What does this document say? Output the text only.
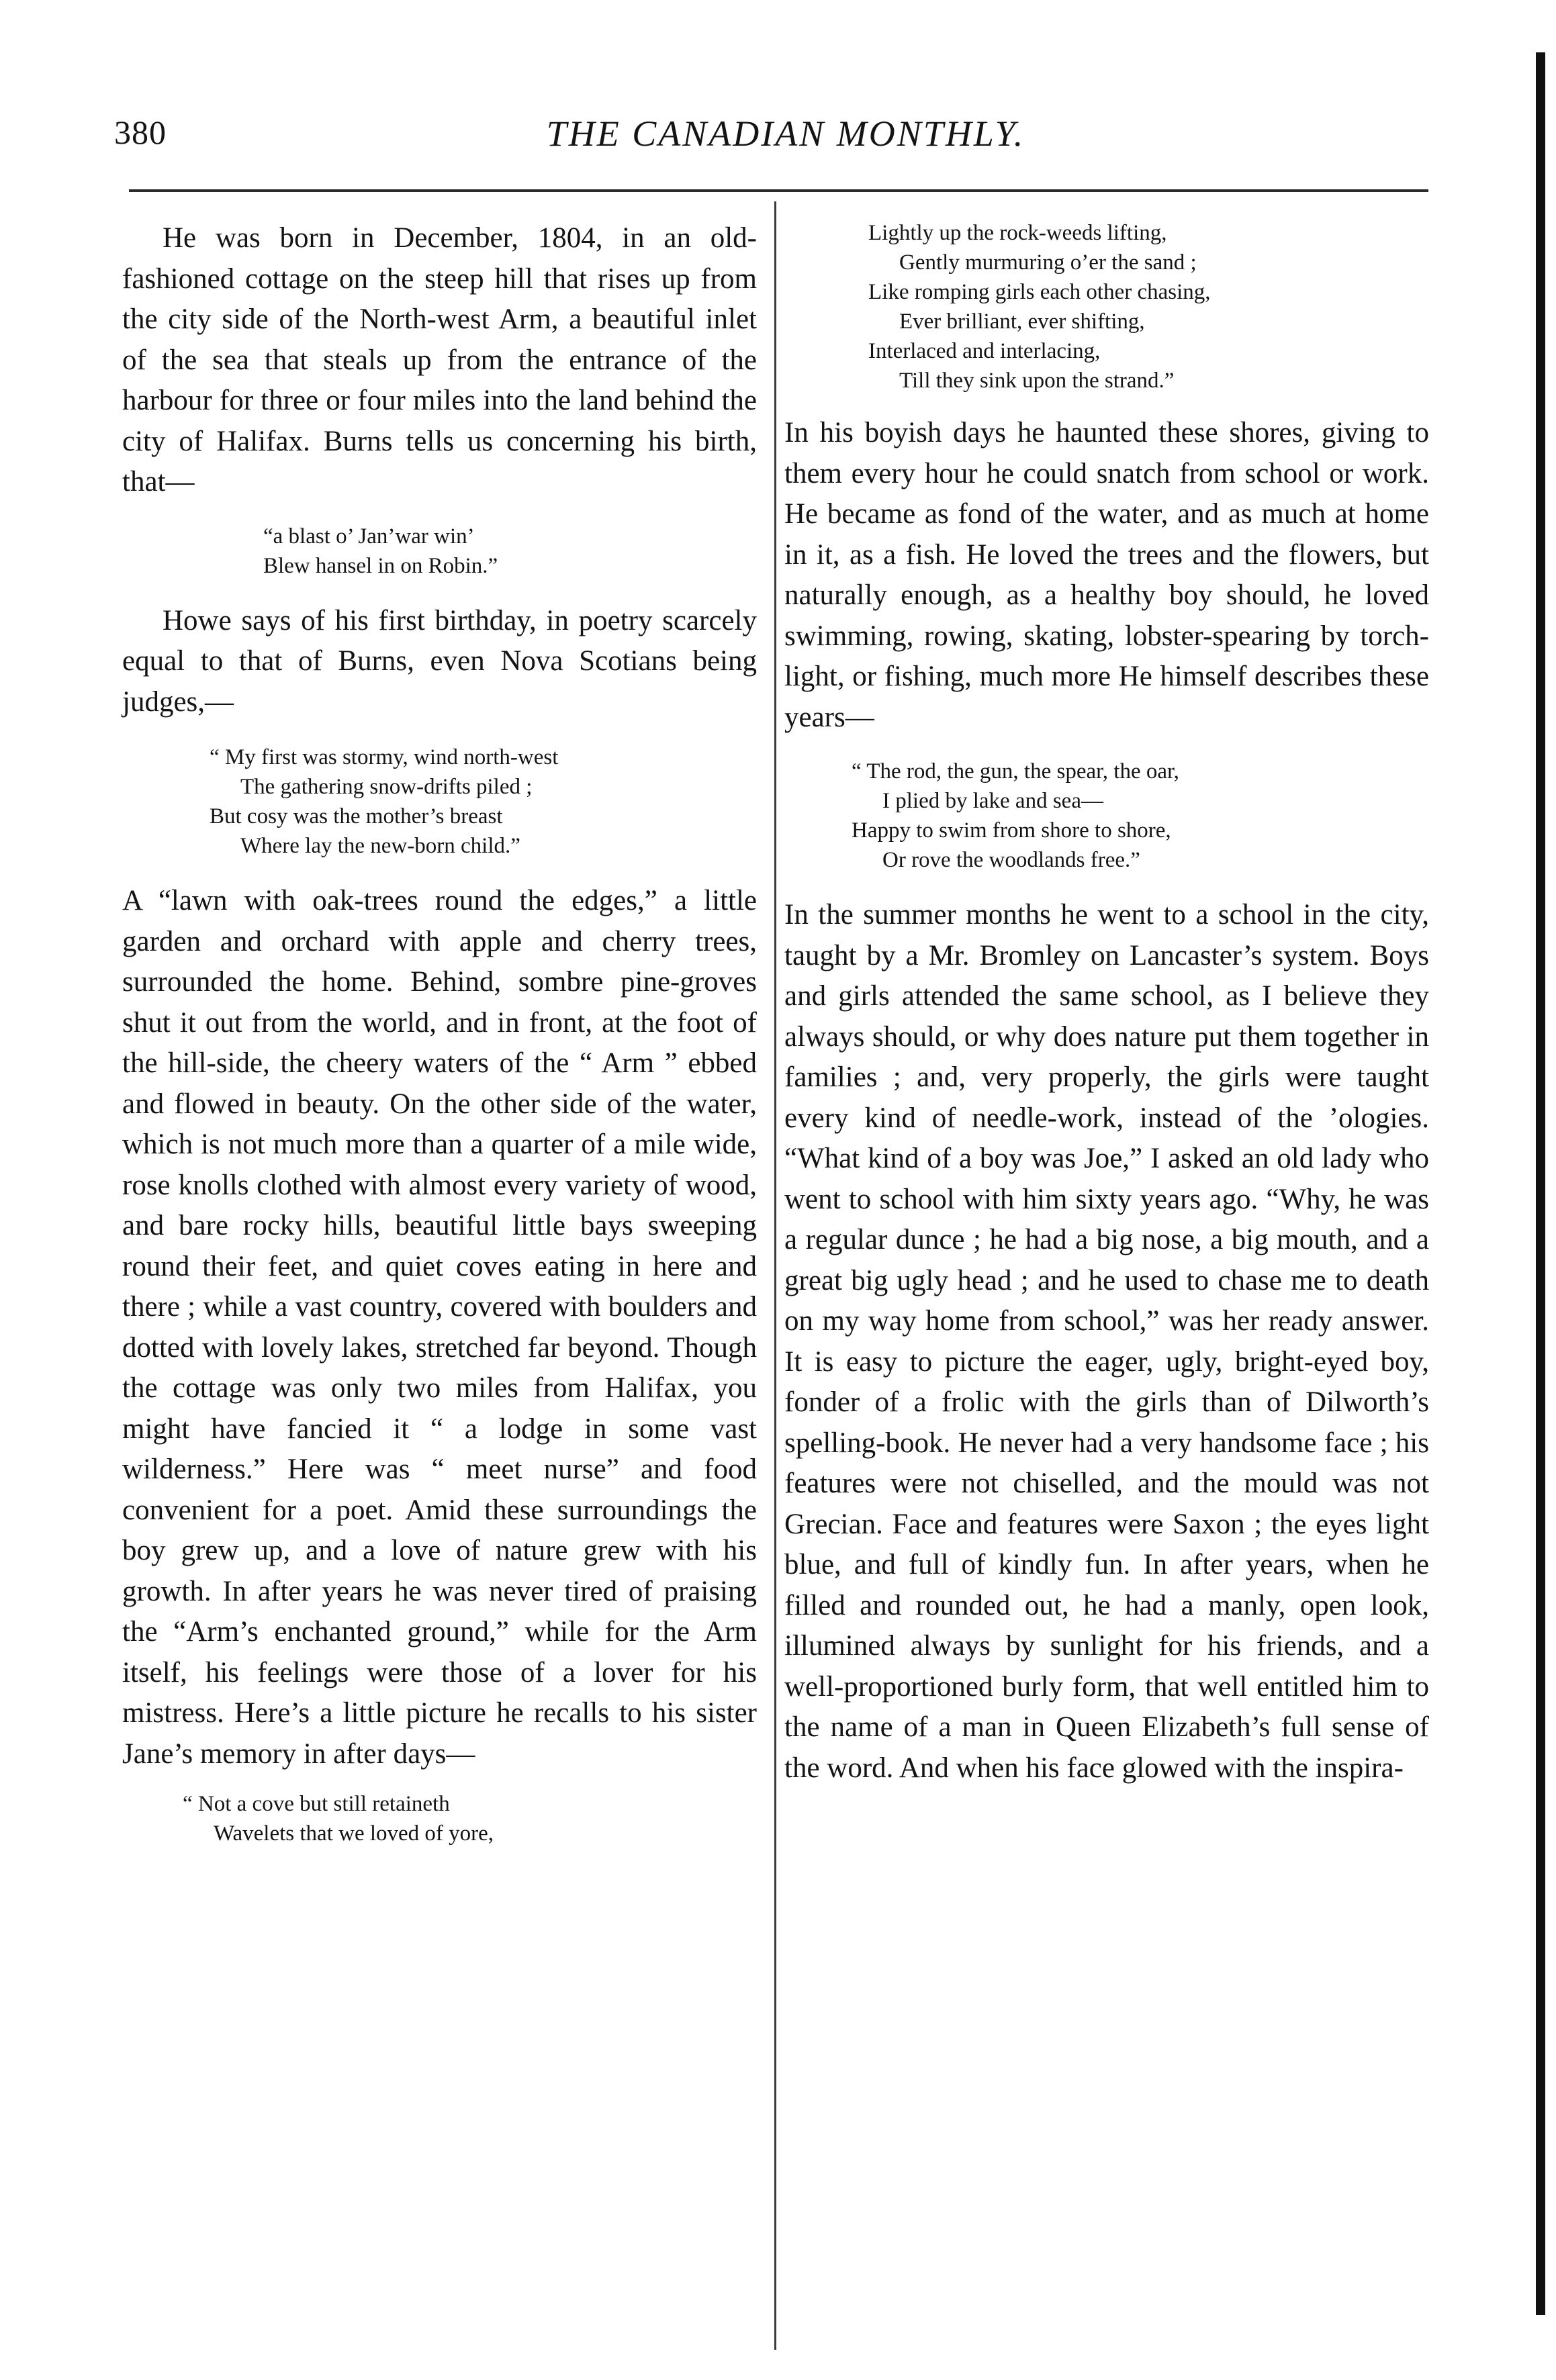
380	THE CANADIAN MONTHLY.

He was born in December, 1804, in an old-fashioned cottage on the steep hill that rises up from the city side of the North-west Arm, a beautiful inlet of the sea that steals up from the entrance of the harbour for three or four miles into the land behind the city of Halifax. Burns tells us concerning his birth, that—

“a blast o’ Jan’war win’
Blew hansel in on Robin.”

Howe says of his first birthday, in poetry scarcely equal to that of Burns, even Nova Scotians being judges,—

“ My first was stormy, wind north-west
The gathering snow-drifts piled ;
But cosy was the mother’s breast
Where lay the new-born child.”

A “lawn with oak-trees round the edges,” a little garden and orchard with apple and cherry trees, surrounded the home. Behind, sombre pine-groves shut it out from the world, and in front, at the foot of the hill-side, the cheery waters of the “ Arm ” ebbed and flowed in beauty. On the other side of the water, which is not much more than a quarter of a mile wide, rose knolls clothed with almost every variety of wood, and bare rocky hills, beautiful little bays sweeping round their feet, and quiet coves eating in here and there ; while a vast country, covered with boulders and dotted with lovely lakes, stretched far beyond. Though the cottage was only two miles from Halifax, you might have fancied it “ a lodge in some vast wilderness.” Here was “ meet nurse” and food convenient for a poet. Amid these surroundings the boy grew up, and a love of nature grew with his growth. In after years he was never tired of praising the “Arm’s enchanted ground,” while for the Arm itself, his feelings were those of a lover for his mistress. Here’s a little picture he recalls to his sister Jane’s memory in after days—

“ Not a cove but still retaineth
Wavelets that we loved of yore,
Lightly up the rock-weeds lifting,
Gently murmuring o’er the sand ;
Like romping girls each other chasing,
Ever brilliant, ever shifting,
Interlaced and interlacing,
Till they sink upon the strand.”

In his boyish days he haunted these shores, giving to them every hour he could snatch from school or work. He became as fond of the water, and as much at home in it, as a fish. He loved the trees and the flowers, but naturally enough, as a healthy boy should, he loved swimming, rowing, skating, lobster-spearing by torch-light, or fishing, much more He himself describes these years—

“ The rod, the gun, the spear, the oar,
I plied by lake and sea—
Happy to swim from shore to shore,
Or rove the woodlands free.”

In the summer months he went to a school in the city, taught by a Mr. Bromley on Lancaster’s system. Boys and girls attended the same school, as I believe they always should, or why does nature put them together in families ; and, very properly, the girls were taught every kind of needle-work, instead of the ’ologies. “What kind of a boy was Joe,” I asked an old lady who went to school with him sixty years ago. “Why, he was a regular dunce ; he had a big nose, a big mouth, and a great big ugly head ; and he used to chase me to death on my way home from school,” was her ready answer. It is easy to picture the eager, ugly, bright-eyed boy, fonder of a frolic with the girls than of Dilworth’s spelling-book. He never had a very handsome face ; his features were not chiselled, and the mould was not Grecian. Face and features were Saxon ; the eyes light blue, and full of kindly fun. In after years, when he filled and rounded out, he had a manly, open look, illumined always by sunlight for his friends, and a well-proportioned burly form, that well entitled him to the name of a man in Queen Elizabeth’s full sense of the word. And when his face glowed with the inspira-
